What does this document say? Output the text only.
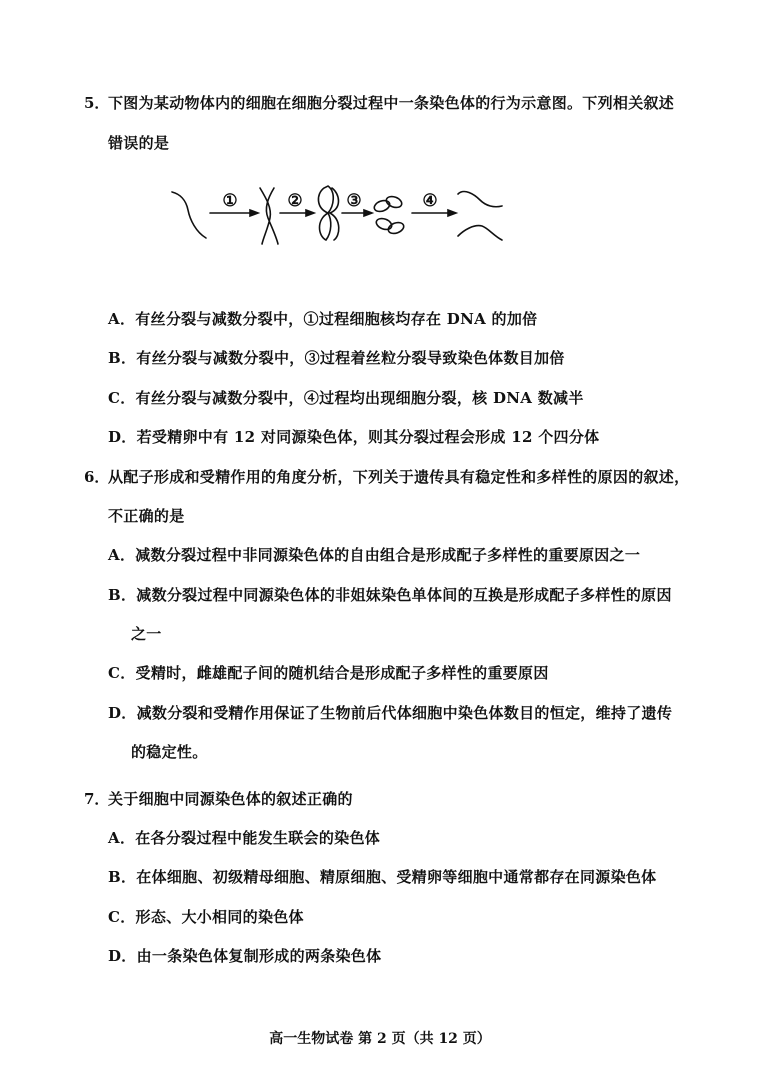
5．
下图为某动物体内的细胞在细胞分裂过程中一条染色体的行为示意图。下列相关叙述
错误的是
①	②	③	④
A．有丝分裂与减数分裂中，①过程细胞核均存在 DNA 的加倍
B．有丝分裂与减数分裂中，③过程着丝粒分裂导致染色体数目加倍
C．有丝分裂与减数分裂中，④过程均出现细胞分裂，核 DNA 数减半
D．若受精卵中有 12 对同源染色体，则其分裂过程会形成 12 个四分体
6．
从配子形成和受精作用的角度分析，下列关于遗传具有稳定性和多样性的原因的叙述，
不正确的是
A．减数分裂过程中非同源染色体的自由组合是形成配子多样性的重要原因之一
B．减数分裂过程中同源染色体的非姐妹染色单体间的互换是形成配子多样性的原因
之一
C．受精时，雌雄配子间的随机结合是形成配子多样性的重要原因
D．减数分裂和受精作用保证了生物前后代体细胞中染色体数目的恒定，维持了遗传
的稳定性。
7．
关于细胞中同源染色体的叙述正确的
A．在各分裂过程中能发生联会的染色体
B．在体细胞、初级精母细胞、精原细胞、受精卵等细胞中通常都存在同源染色体
C．形态、大小相同的染色体
D．由一条染色体复制形成的两条染色体
高一生物试卷 第 2 页（共 12 页）
